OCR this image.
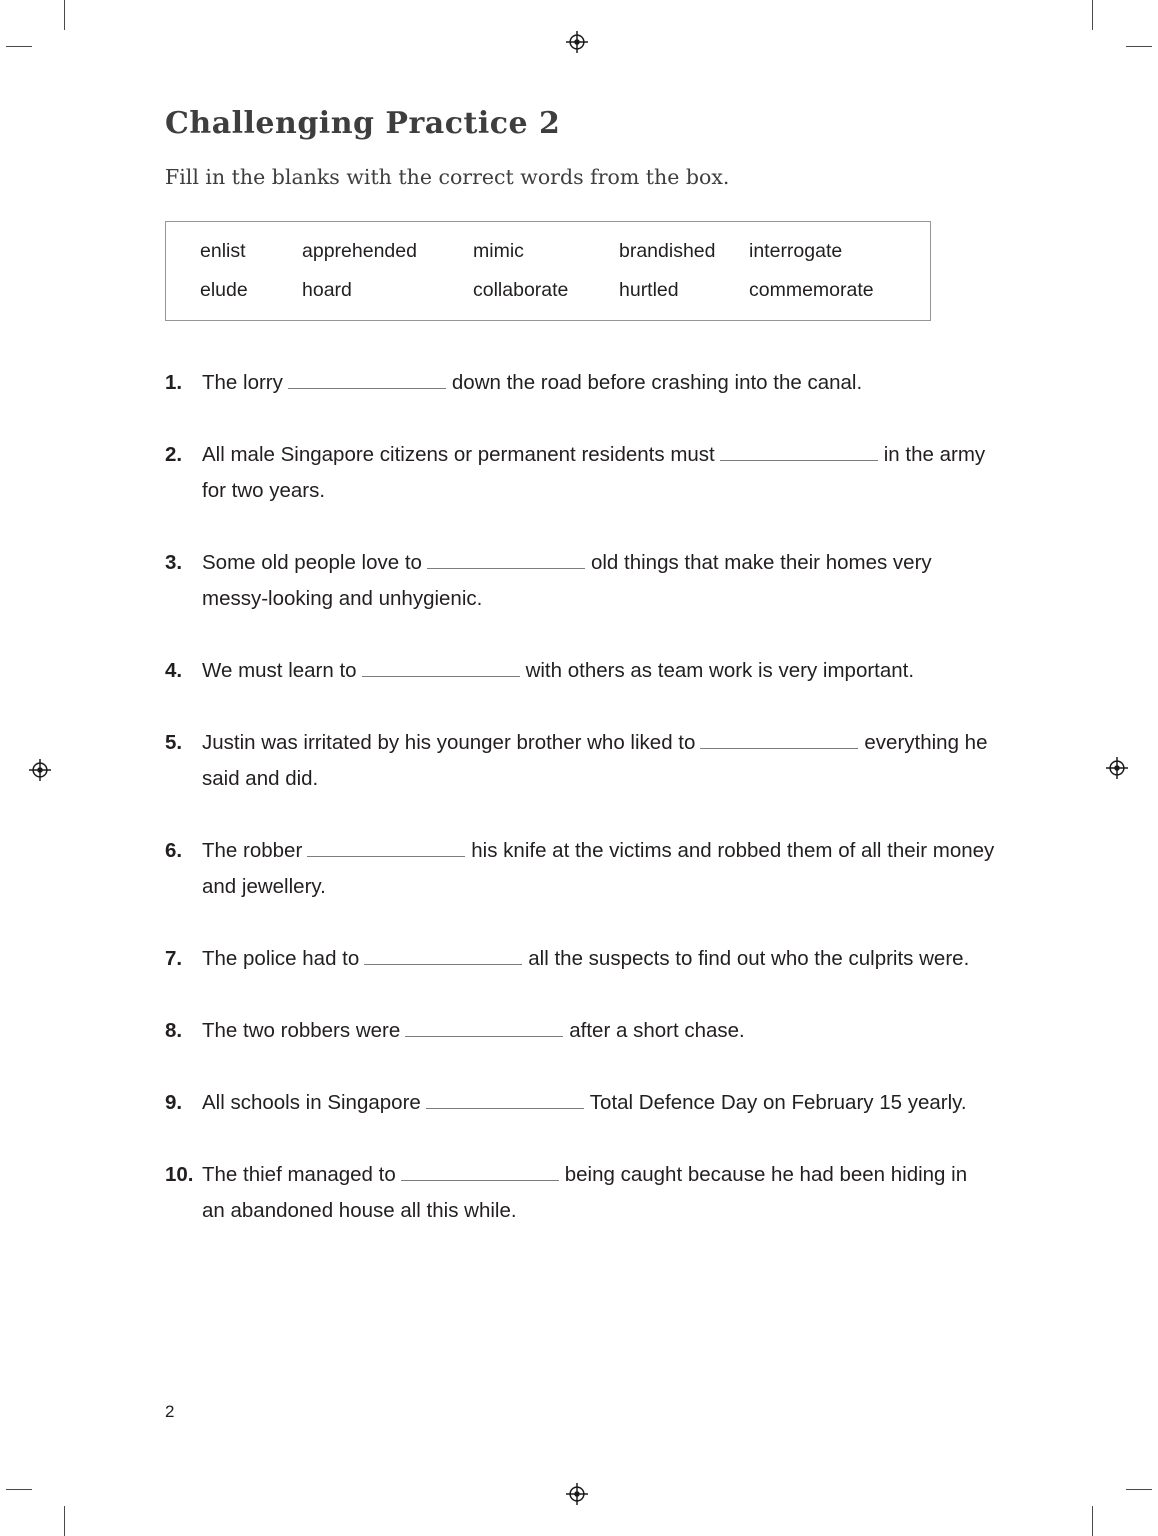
Challenging Practice 2
Fill in the blanks with the correct words from the box.
enlist	apprehended	mimic	brandished	interrogate
elude	hoard	collaborate	hurtled	commemorate
1. The lorry	down the road before crashing into the canal.
2. All male Singapore citizens or permanent residents must	in the army for two years.
3. Some old people love to	old things that make their homes very messy-looking and unhygienic.
4. We must learn to	with others as team work is very important.
5. Justin was irritated by his younger brother who liked to	everything he said and did.
6. The robber	his knife at the victims and robbed them of all their money and jewellery.
7. The police had to	all the suspects to find out who the culprits were.
8. The two robbers were	after a short chase.
9. All schools in Singapore	Total Defence Day on February 15 yearly.
10. The thief managed to	being caught because he had been hiding in an abandoned house all this while.
2
